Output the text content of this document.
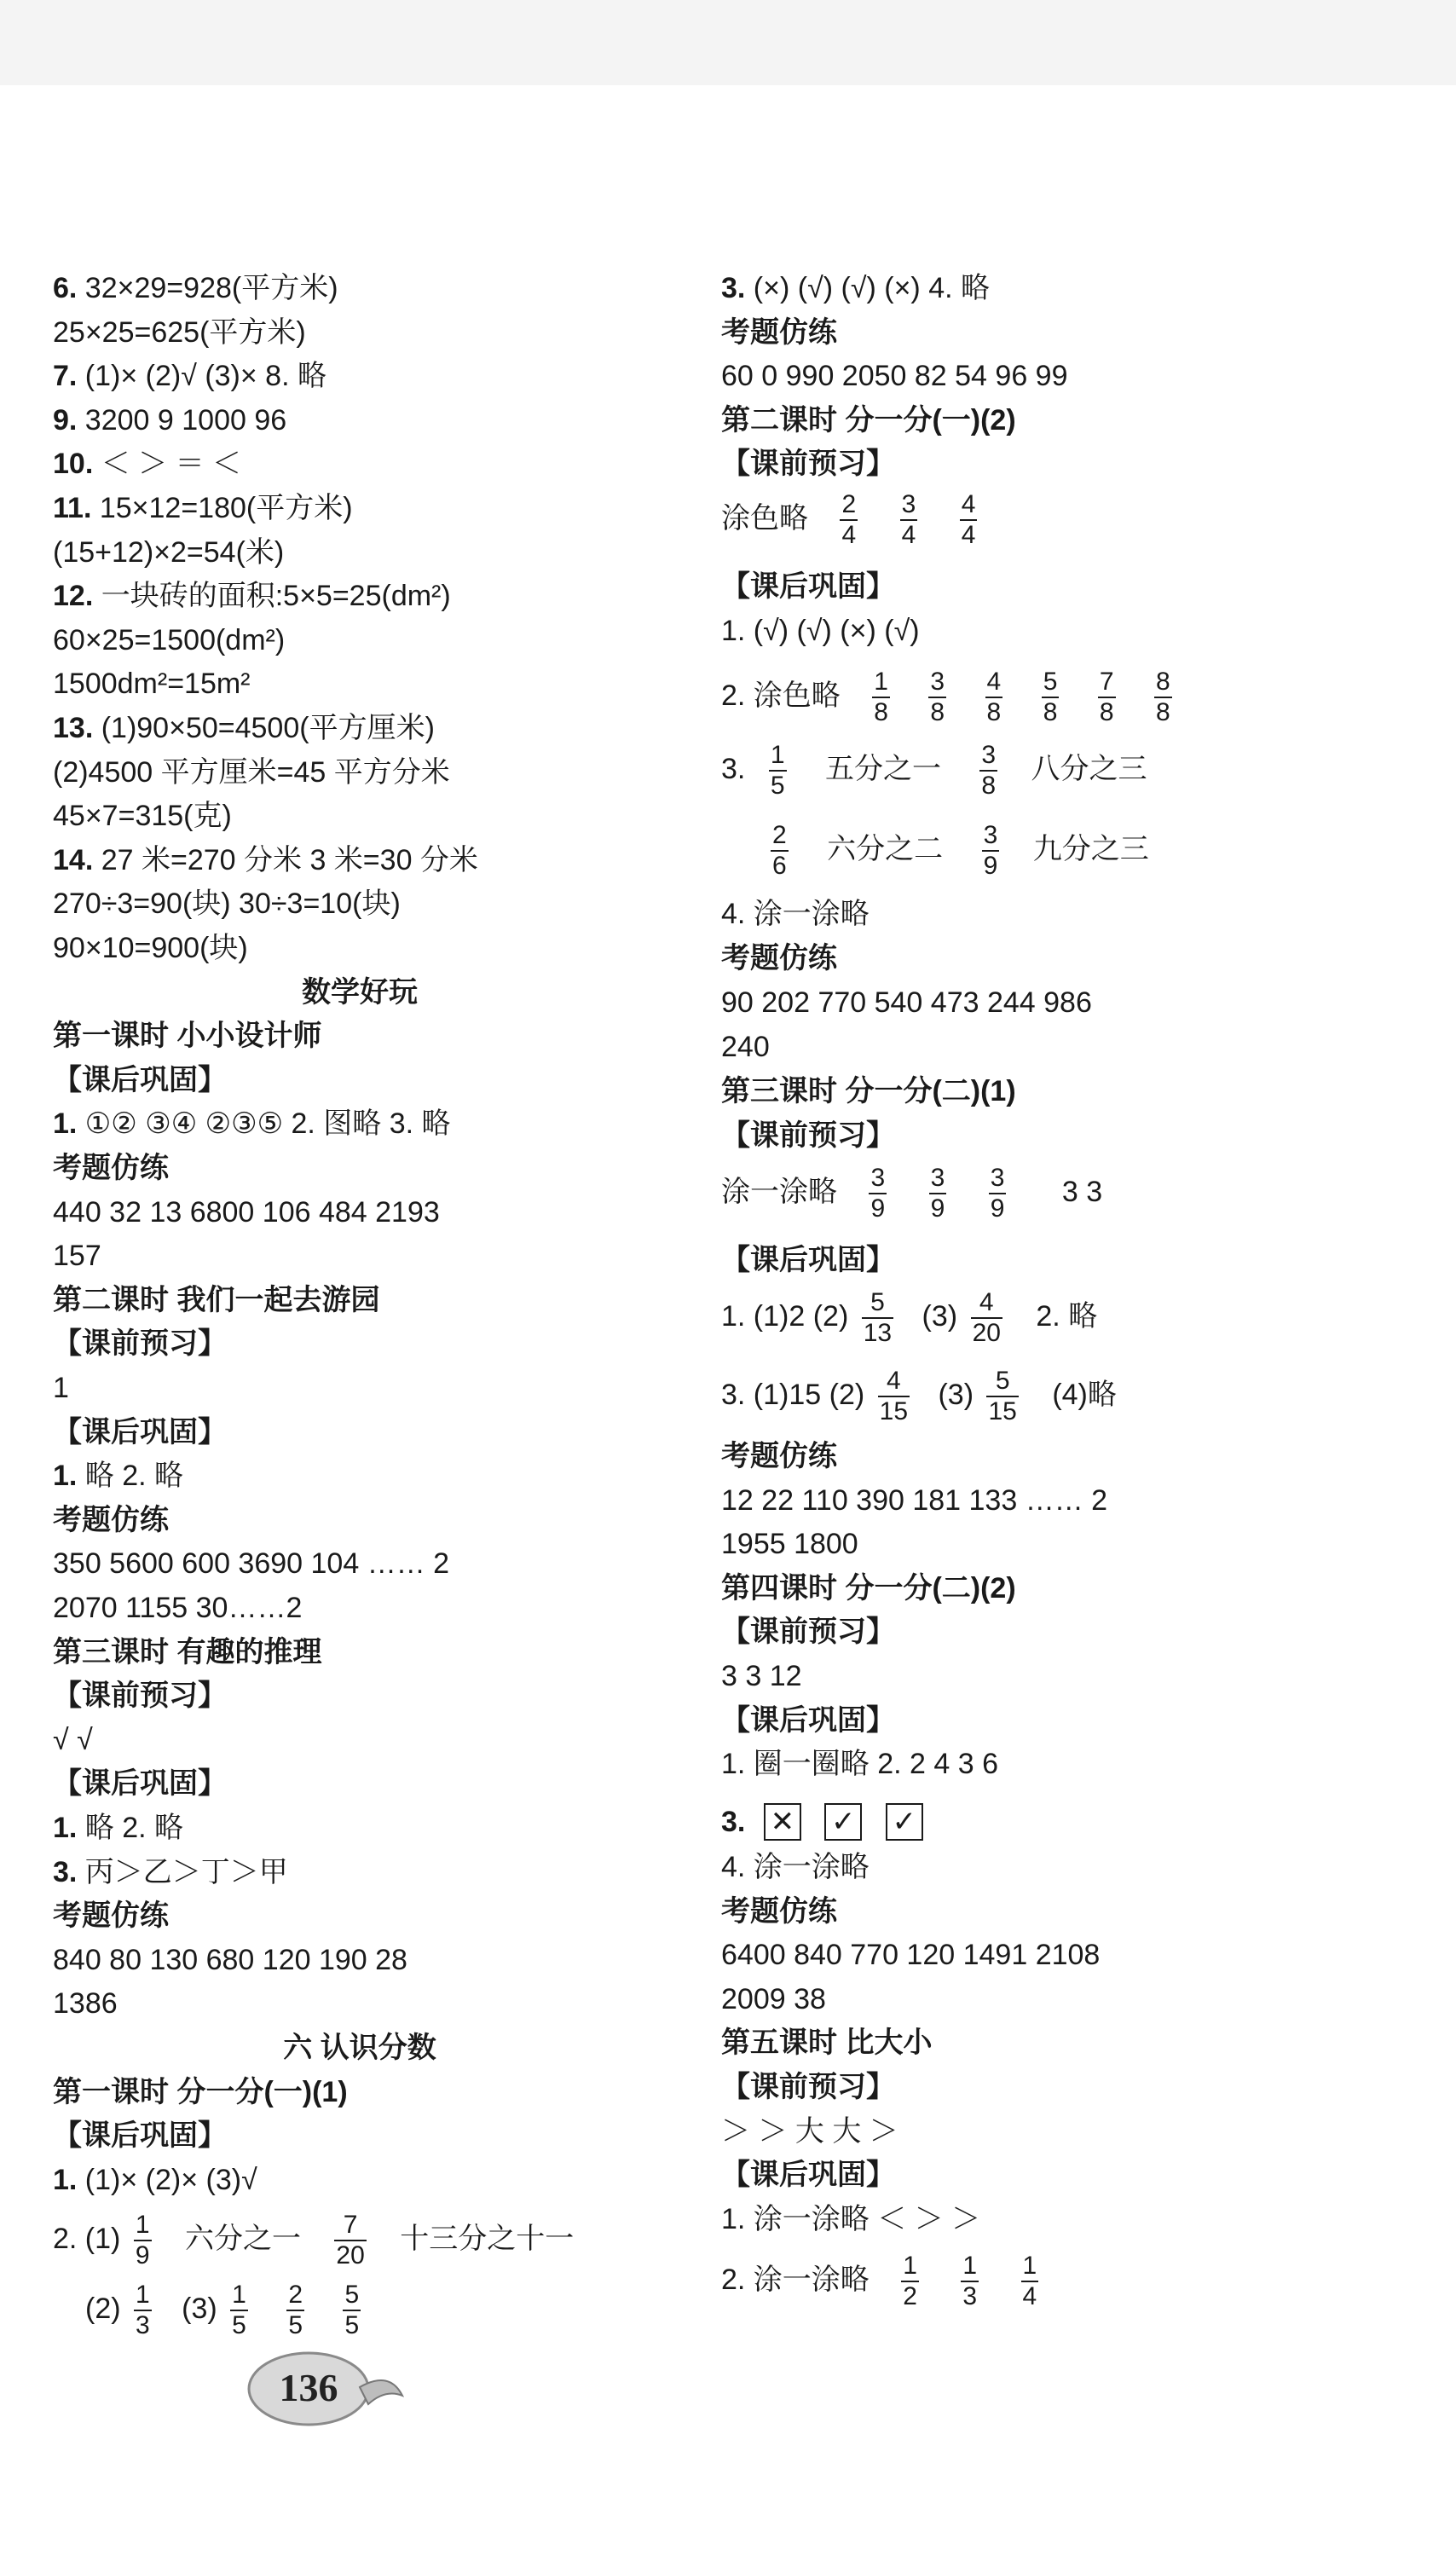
6. 32×29=928(平方米)
25×25=625(平方米)
7. (1)× (2)√ (3)× 8. 略
9. 3200 9 1000 96
10. ＜ ＞ ＝ ＜
11. 15×12=180(平方米)
(15+12)×2=54(米)
12. 一块砖的面积:5×5=25(dm²)
60×25=1500(dm²)
1500dm²=15m²
13. (1)90×50=4500(平方厘米)
(2)4500 平方厘米=45 平方分米
45×7=315(克)
14. 27 米=270 分米 3 米=30 分米
270÷3=90(块) 30÷3=10(块)
90×10=900(块)
数学好玩
第一课时 小小设计师
【课后巩固】
1. ①② ③④ ②③⑤ 2. 图略 3. 略
考题仿练
440 32 13 6800 106 484 2193
157
第二课时 我们一起去游园
【课前预习】
1
【课后巩固】
1. 略 2. 略
考题仿练
350 5600 600 3690 104 …… 2
2070 1155 30……2
第三课时 有趣的推理
【课前预习】
√ √
【课后巩固】
1. 略 2. 略
3. 丙＞乙＞丁＞甲
考题仿练
840 80 130 680 120 190 28
1386
六 认识分数
第一课时 分一分(一)(1)
【课后巩固】
1. (1)× (2)× (3)√
2. $(1) \frac{1}{9}$ 六分之一 $\frac{7}{20}$ 十三分之十一
$(2) \frac{1}{3} (3) \frac{1}{5}$
$\frac{2}{5}$
$\frac{5}{5}$
3. (×) (√) (√) (×) 4. 略
考题仿练
60 0 990 2050 82 54 96 99
第二课时 分一分(一)(2)
【课前预习】
涂色略 $\frac{2}{4}$
$\frac{3}{4}$
$\frac{4}{4}$
【课后巩固】
1. (√) (√) (×) (√)
2. 涂色略 $\frac{1}{8}$
$\frac{3}{8}$
$\frac{4}{8}$
$\frac{5}{8}$
$\frac{7}{8}$
$\frac{8}{8}$
3. $\frac{1}{5}$ 五分之一 $\frac{3}{8}$ 八分之三
$\frac{2}{6}$ 六分之二 $\frac{3}{9}$ 九分之三
4. 涂一涂略
考题仿练
90 202 770 540 473 244 986
240
第三课时 分一分(二)(1)
【课前预习】
涂一涂略 $\frac{3}{9}$
$\frac{3}{9}$
$\frac{3}{9} 3$ 3
【课后巩固】
1. (1)2 $(2) \frac{5}{13} (3) \frac{4}{20} 2$. 略
3. (1)15 $(2) \frac{4}{15} (3) \frac{5}{15} (4)$略
考题仿练
12 22 110 390 181 133 …… 2
1955 1800
第四课时 分一分(二)(2)
【课前预习】
3 3 12
【课后巩固】
1. 圈一圈略 2. 2 4 3 6
3. ✕ ✓ ✓
4. 涂一涂略
考题仿练
6400 840 770 120 1491 2108
2009 38
第五课时 比大小
【课前预习】
＞ ＞ 大 大 ＞
【课后巩固】
1. 涂一涂略 ＜ ＞ ＞
2. 涂一涂略 $\frac{1}{2}$
$\frac{1}{3}$
$\frac{1}{4}$
136
